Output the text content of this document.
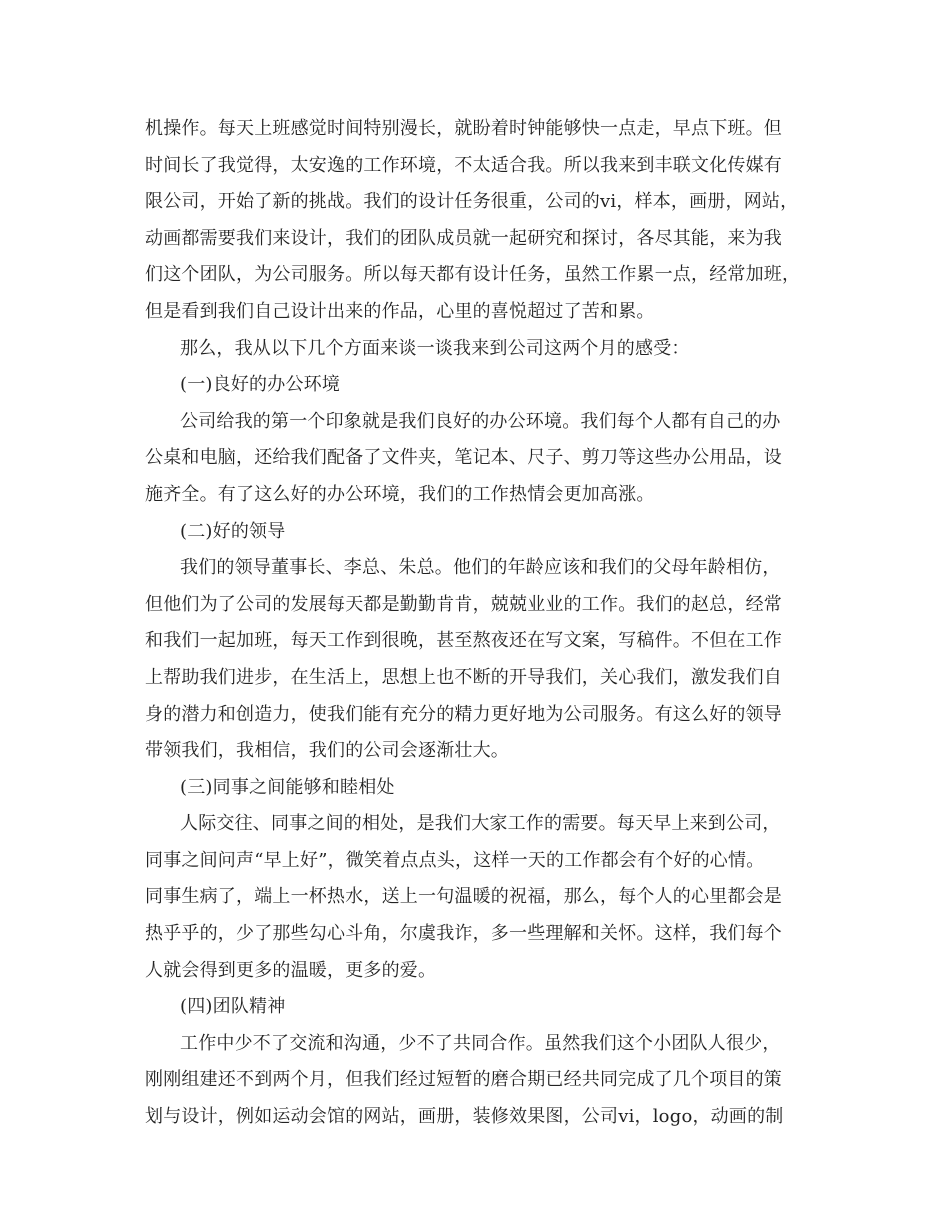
机操作。每天上班感觉时间特别漫长，就盼着时钟能够快一点走，早点下班。但
时间长了我觉得，太安逸的工作环境，不太适合我。所以我来到丰联文化传媒有
限公司，开始了新的挑战。我们的设计任务很重，公司的vi，样本，画册，网站，
动画都需要我们来设计，我们的团队成员就一起研究和探讨，各尽其能，来为我
们这个团队，为公司服务。所以每天都有设计任务，虽然工作累一点，经常加班，
但是看到我们自己设计出来的作品，心里的喜悦超过了苦和累。
那么，我从以下几个方面来谈一谈我来到公司这两个月的感受：
(一)良好的办公环境
公司给我的第一个印象就是我们良好的办公环境。我们每个人都有自己的办
公桌和电脑，还给我们配备了文件夹，笔记本、尺子、剪刀等这些办公用品，设
施齐全。有了这么好的办公环境，我们的工作热情会更加高涨。
(二)好的领导
我们的领导董事长、李总、朱总。他们的年龄应该和我们的父母年龄相仿，
但他们为了公司的发展每天都是勤勤肯肯，兢兢业业的工作。我们的赵总，经常
和我们一起加班，每天工作到很晚，甚至熬夜还在写文案，写稿件。不但在工作
上帮助我们进步，在生活上，思想上也不断的开导我们，关心我们，激发我们自
身的潜力和创造力，使我们能有充分的精力更好地为公司服务。有这么好的领导
带领我们，我相信，我们的公司会逐渐壮大。
(三)同事之间能够和睦相处
人际交往、同事之间的相处，是我们大家工作的需要。每天早上来到公司，
同事之间问声“早上好”，微笑着点点头，这样一天的工作都会有个好的心情。
同事生病了，端上一杯热水，送上一句温暖的祝福，那么，每个人的心里都会是
热乎乎的，少了那些勾心斗角，尔虞我诈，多一些理解和关怀。这样，我们每个
人就会得到更多的温暖，更多的爱。
(四)团队精神
工作中少不了交流和沟通，少不了共同合作。虽然我们这个小团队人很少，
刚刚组建还不到两个月，但我们经过短暂的磨合期已经共同完成了几个项目的策
划与设计，例如运动会馆的网站，画册，装修效果图，公司vi，logo，动画的制
